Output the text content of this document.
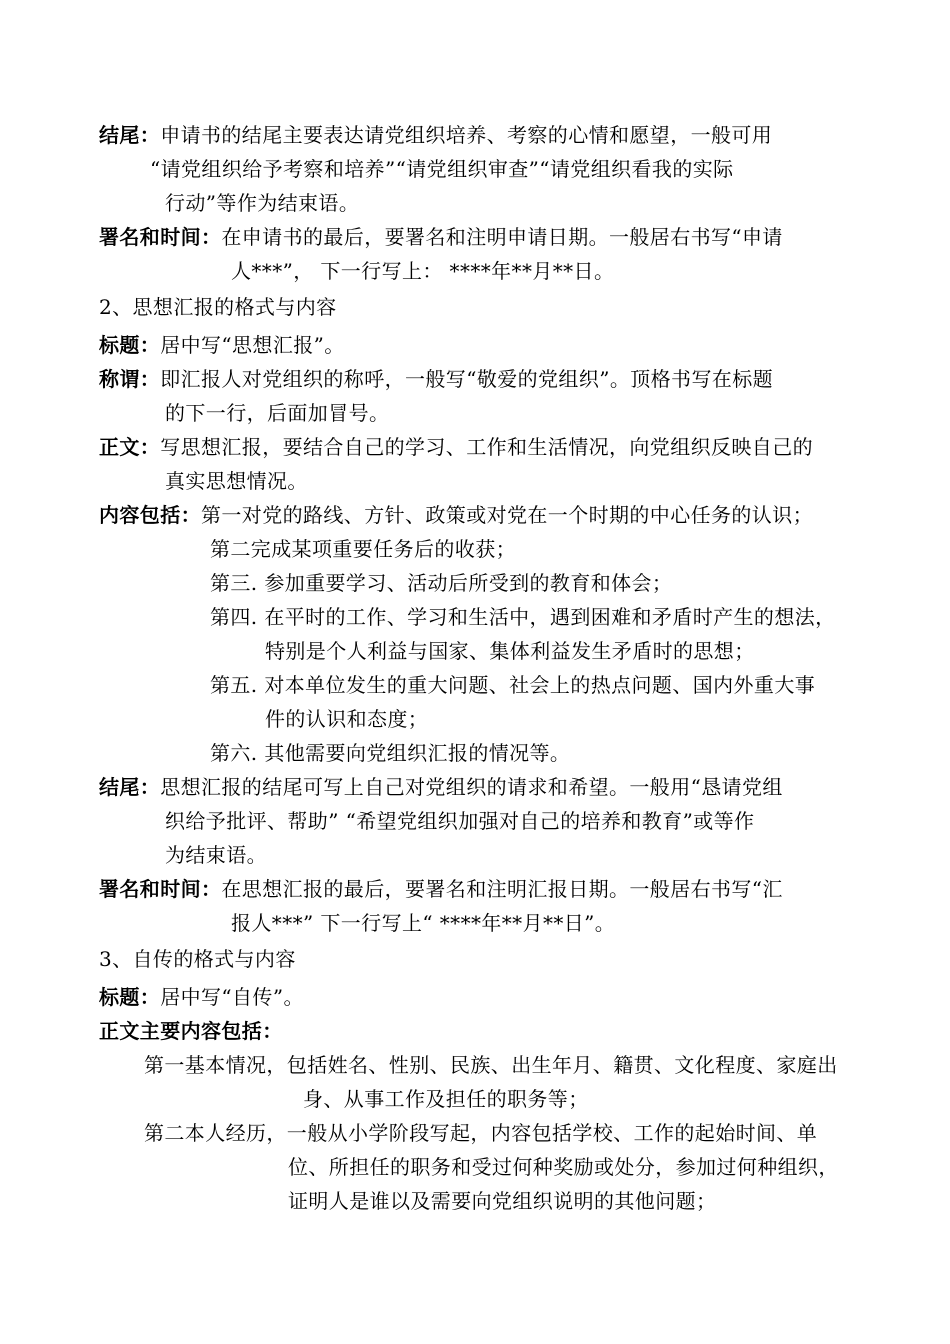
结尾：申请书的结尾主要表达请党组织培养、考察的心情和愿望，一般可用
“请党组织给予考察和培养”“请党组织审查”“请党组织看我的实际
行动”等作为结束语。
署名和时间：在申请书的最后，要署名和注明申请日期。一般居右书写“申请
人***”， 下一行写上： ****年**月**日。
2、思想汇报的格式与内容
标题：居中写“思想汇报”。
称谓：即汇报人对党组织的称呼，一般写“敬爱的党组织”。顶格书写在标题
的下一行，后面加冒号。
正文：写思想汇报，要结合自己的学习、工作和生活情况，向党组织反映自己的
真实思想情况。
内容包括：第一对党的路线、方针、政策或对党在一个时期的中心任务的认识；
第二完成某项重要任务后的收获；
第三. 参加重要学习、活动后所受到的教育和体会；
第四. 在平时的工作、学习和生活中，遇到困难和矛盾时产生的想法，
特别是个人利益与国家、集体利益发生矛盾时的思想；
第五. 对本单位发生的重大问题、社会上的热点问题、国内外重大事
件的认识和态度；
第六. 其他需要向党组织汇报的情况等。
结尾：思想汇报的结尾可写上自己对党组织的请求和希望。一般用“恳请党组
织给予批评、帮助” “希望党组织加强对自己的培养和教育”或等作
为结束语。
署名和时间：在思想汇报的最后，要署名和注明汇报日期。一般居右书写“汇
报人***” 下一行写上“ ****年**月**日”。
3、自传的格式与内容
标题：居中写“自传”。
正文主要内容包括：
第一基本情况，包括姓名、性别、民族、出生年月、籍贯、文化程度、家庭出
身、从事工作及担任的职务等；
第二本人经历，一般从小学阶段写起，内容包括学校、工作的起始时间、单
位、所担任的职务和受过何种奖励或处分，参加过何种组织，
证明人是谁以及需要向党组织说明的其他问题；
